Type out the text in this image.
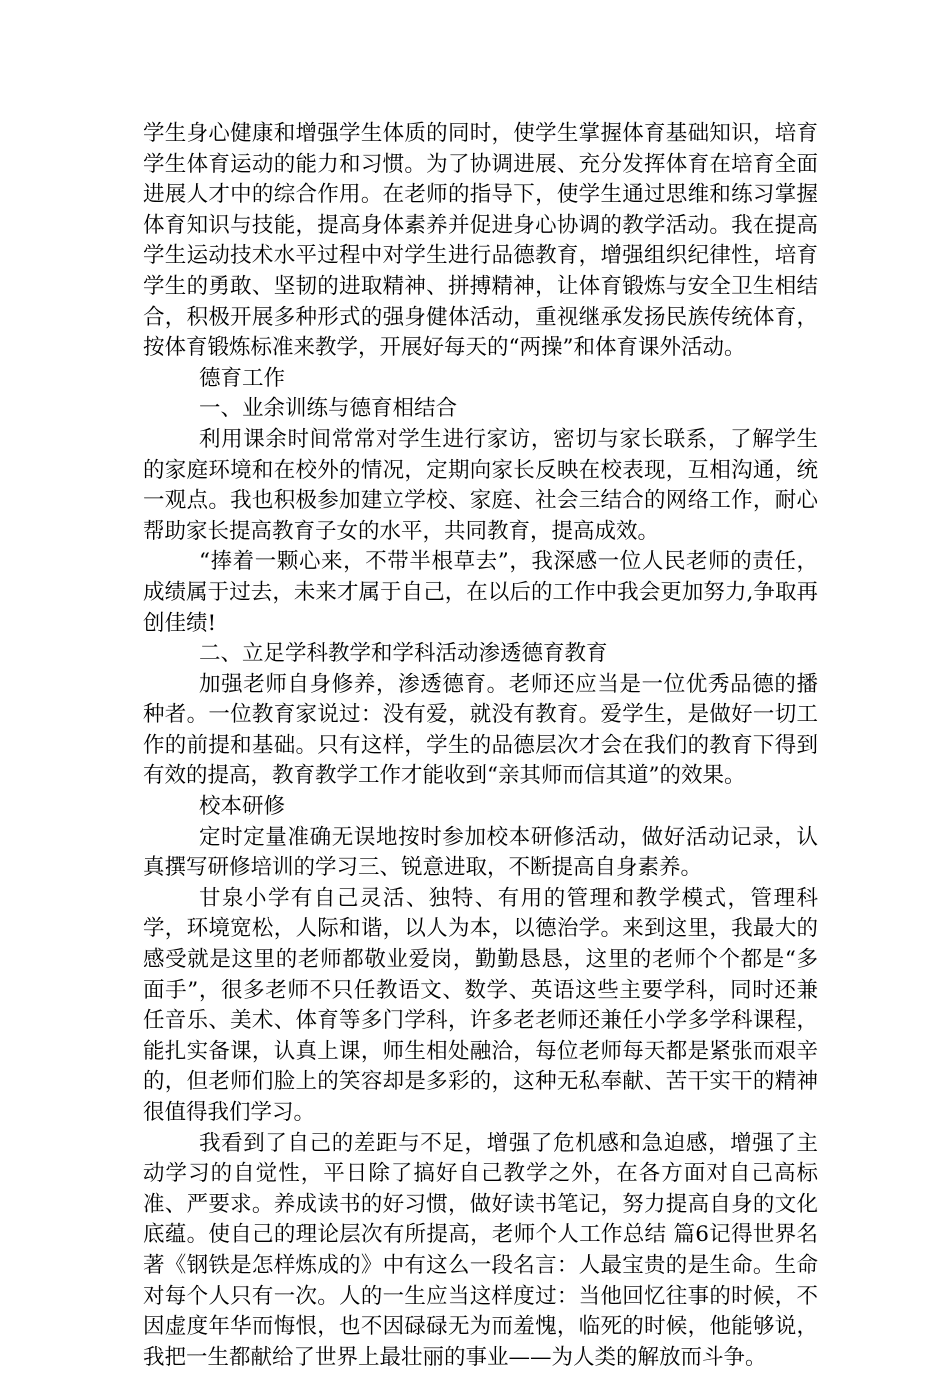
学生身心健康和增强学生体质的同时，使学生掌握体育基础知识，培育学生体育运动的能力和习惯。为了协调进展、充分发挥体育在培育全面进展人才中的综合作用。在老师的指导下，使学生通过思维和练习掌握体育知识与技能，提高身体素养并促进身心协调的教学活动。我在提高学生运动技术水平过程中对学生进行品德教育，增强组织纪律性，培育学生的勇敢、坚韧的进取精神、拼搏精神，让体育锻炼与安全卫生相结合，积极开展多种形式的强身健体活动，重视继承发扬民族传统体育，按体育锻炼标准来教学，开展好每天的“两操”和体育课外活动。

德育工作

一、业余训练与德育相结合

利用课余时间常常对学生进行家访，密切与家长联系，了解学生的家庭环境和在校外的情况，定期向家长反映在校表现，互相沟通，统一观点。我也积极参加建立学校、家庭、社会三结合的网络工作，耐心帮助家长提高教育子女的水平，共同教育，提高成效。

“捧着一颗心来，不带半根草去”，我深感一位人民老师的责任，成绩属于过去，未来才属于自己，在以后的工作中我会更加努力,争取再创佳绩!

二、立足学科教学和学科活动渗透德育教育

加强老师自身修养，渗透德育。老师还应当是一位优秀品德的播种者。一位教育家说过：没有爱，就没有教育。爱学生，是做好一切工作的前提和基础。只有这样，学生的品德层次才会在我们的教育下得到有效的提高，教育教学工作才能收到“亲其师而信其道”的效果。

校本研修

定时定量准确无误地按时参加校本研修活动，做好活动记录，认真撰写研修培训的学习三、锐意进取，不断提高自身素养。

甘泉小学有自己灵活、独特、有用的管理和教学模式，管理科学，环境宽松，人际和谐，以人为本，以德治学。来到这里，我最大的感受就是这里的老师都敬业爱岗，勤勤恳恳，这里的老师个个都是“多面手”，很多老师不只任教语文、数学、英语这些主要学科，同时还兼任音乐、美术、体育等多门学科，许多老老师还兼任小学多学科课程，能扎实备课，认真上课，师生相处融洽，每位老师每天都是紧张而艰辛的，但老师们脸上的笑容却是多彩的，这种无私奉献、苦干实干的精神很值得我们学习。

我看到了自己的差距与不足，增强了危机感和急迫感，增强了主动学习的自觉性，平日除了搞好自己教学之外，在各方面对自己高标准、严要求。养成读书的好习惯，做好读书笔记，努力提高自身的文化底蕴。使自己的理论层次有所提高，老师个人工作总结 篇6记得世界名著《钢铁是怎样炼成的》中有这么一段名言：人最宝贵的是生命。生命对每个人只有一次。人的一生应当这样度过：当他回忆往事的时候，不因虚度年华而悔恨，也不因碌碌无为而羞愧，临死的时候，他能够说，我把一生都献给了世界上最壮丽的事业——为人类的解放而斗争。
